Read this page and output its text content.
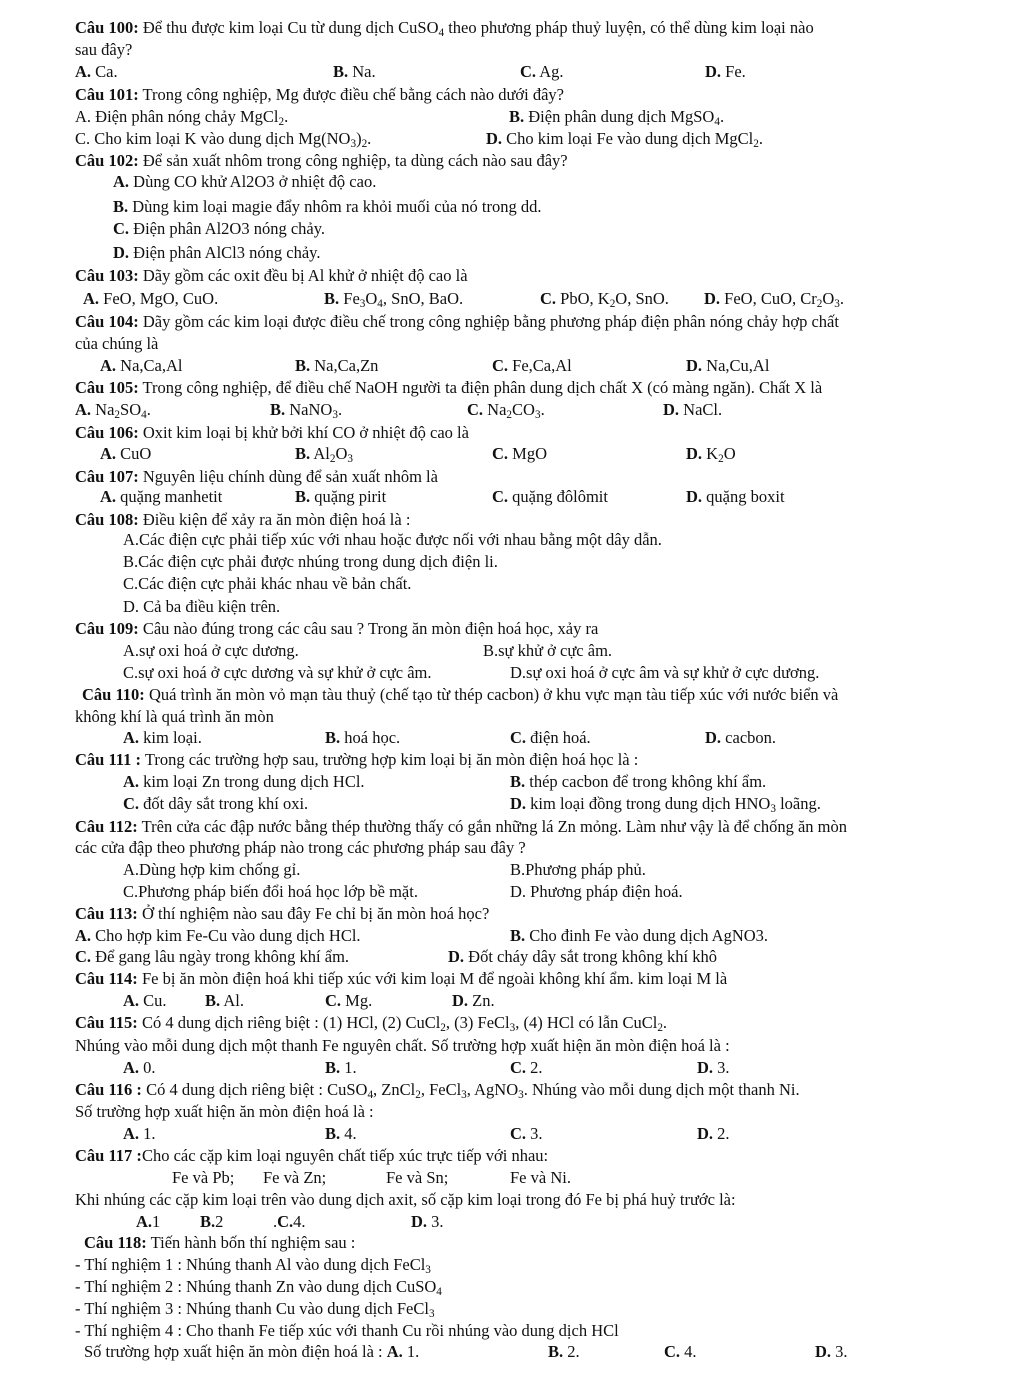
Câu 100: Để thu được kim loại Cu từ dung dịch CuSO$_4$ theo phương pháp thuỷ luyện, có thể dùng kim loại nào
sau đây?
A. Ca.	B. Na.	C. Ag.	D. Fe.
Câu 101: Trong công nghiệp, Mg được điều chế bằng cách nào dưới đây?
A. Điện phân nóng chảy MgCl$_2$.	B. Điện phân dung dịch MgSO$_4$.
C. Cho kim loại K vào dung dịch $Mg(NO_3)_2$.	D. Cho kim loại Fe vào dung dịch MgCl$_2$.
Câu 102: Để sản xuất nhôm trong công nghiệp, ta dùng cách nào sau đây?
A. Dùng CO khử Al2O3 ở nhiệt độ cao.
B. Dùng kim loại magie đẩy nhôm ra khỏi muối của nó trong dd.
C. Điện phân Al2O3 nóng chảy.
D. Điện phân AlCl3 nóng chảy.
Câu 103: Dãy gồm các oxit đều bị Al khử ở nhiệt độ cao là
A. FeO, MgO, CuO.	B. $Fe_3O_4$, SnO, BaO.	C. PbO, $K_2O$, SnO. D. FeO, CuO, $Cr_2O_3$.
Câu 104: Dãy gồm các kim loại được điều chế trong công nghiệp bằng phương pháp điện phân nóng chảy hợp chất
của chúng là
A. Na,Ca,Al	B. Na,Ca,Zn	C. Fe,Ca,Al	D. Na,Cu,Al
Câu 105: Trong công nghiệp, để điều chế NaOH người ta điện phân dung dịch chất X (có màng ngăn). Chất X là
A. $Na_2SO_4$.	B. NaNO$_3$.	C. $Na_2CO_3$.	D. NaCl.
Câu 106: Oxit kim loại bị khử bởi khí CO ở nhiệt độ cao là
A. CuO	B. $Al_2O_3$	C. MgO	D. $K_2O$
Câu 107: Nguyên liệu chính dùng để sản xuất nhôm là
A. quặng manhetit	B. quặng pirit	C. quặng đôlômit	D. quặng boxit
Câu 108: Điều kiện để xảy ra ăn mòn điện hoá là :
A.Các điện cực phải tiếp xúc với nhau hoặc được nối với nhau bằng một dây dẫn.
B.Các điện cực phải được nhúng trong dung dịch điện li.
C.Các điện cực phải khác nhau về bản chất.
D. Cả ba điều kiện trên.
Câu 109: Câu nào đúng trong các câu sau ? Trong ăn mòn điện hoá học, xảy ra
A.sự oxi hoá ở cực dương.	B.sự khử ở cực âm.
C.sự oxi hoá ở cực dương và sự khử ở cực âm.	D.sự oxi hoá ở cực âm và sự khử ở cực dương.
Câu 110: Quá trình ăn mòn vỏ mạn tàu thuỷ (chế tạo từ thép cacbon) ở khu vực mạn tàu tiếp xúc với nước biển và
không khí là quá trình ăn mòn
A. kim loại.	B. hoá học.	C. điện hoá.	D. cacbon.
Câu 111 : Trong các trường hợp sau, trường hợp kim loại bị ăn mòn điện hoá học là :
A. kim loại Zn trong dung dịch HCl.	B. thép cacbon để trong không khí ẩm.
C. đốt dây sắt trong khí oxi.	D. kim loại đồng trong dung dịch $HNO_3$ loãng.
Câu 112: Trên cửa các đập nước bằng thép thường thấy có gắn những lá Zn mỏng. Làm như vậy là để chống ăn mòn
các cửa đập theo phương pháp nào trong các phương pháp sau đây ?
A.Dùng hợp kim chống gỉ.	B.Phương pháp phủ.
C.Phương pháp biến đổi hoá học lớp bề mặt.	D. Phương pháp điện hoá.
Câu 113: Ở thí nghiệm nào sau đây Fe chỉ bị ăn mòn hoá học?
A. Cho hợp kim Fe-Cu vào dung dịch HCl.	B. Cho đinh Fe vào dung dịch AgNO3.
C. Để gang lâu ngày trong không khí ẩm.	D. Đốt cháy dây sắt trong không khí khô
Câu 114: Fe bị ăn mòn điện hoá khi tiếp xúc với kim loại M để ngoài không khí ẩm. kim loại M là
A. Cu. B. Al.	C. Mg.	D. Zn.
Câu 115: Có 4 dung dịch riêng biệt : (1) HCl, (2) CuCl$_2$, (3) FeCl$_3$, (4) HCl có lẫn CuCl$_2$.
Nhúng vào mỗi dung dịch một thanh Fe nguyên chất. Số trường hợp xuất hiện ăn mòn điện hoá là :
A. 0.	B. 1.	C. 2.	D. 3.
Câu 116 : Có 4 dung dịch riêng biệt : CuSO$_4$, ZnCl$_2$, FeCl$_3$, AgNO$_3$. Nhúng vào mỗi dung dịch một thanh Ni.
Số trường hợp xuất hiện ăn mòn điện hoá là :
A. 1.	B. 4.	C. 3.	D. 2.
Câu 117 :Cho các cặp kim loại nguyên chất tiếp xúc trực tiếp với nhau:
Fe và Pb; Fe và Zn;	Fe và Sn;	Fe và Ni.
Khi nhúng các cặp kim loại trên vào dung dịch axit, số cặp kim loại trong đó Fe bị phá huỷ trước là:
A.1 B.2	.C.4.	D. 3.
Câu 118: Tiến hành bốn thí nghiệm sau :
- Thí nghiệm 1 : Nhúng thanh Al vào dung dịch FeCl$_3$
- Thí nghiệm 2 : Nhúng thanh Zn vào dung dịch CuSO$_4$
- Thí nghiệm 3 : Nhúng thanh Cu vào dung dịch FeCl$_3$
- Thí nghiệm 4 : Cho thanh Fe tiếp xúc với thanh Cu rồi nhúng vào dung dịch HCl
Số trường hợp xuất hiện ăn mòn điện hoá là : A. 1.	B. 2.	C. 4.	D. 3.
